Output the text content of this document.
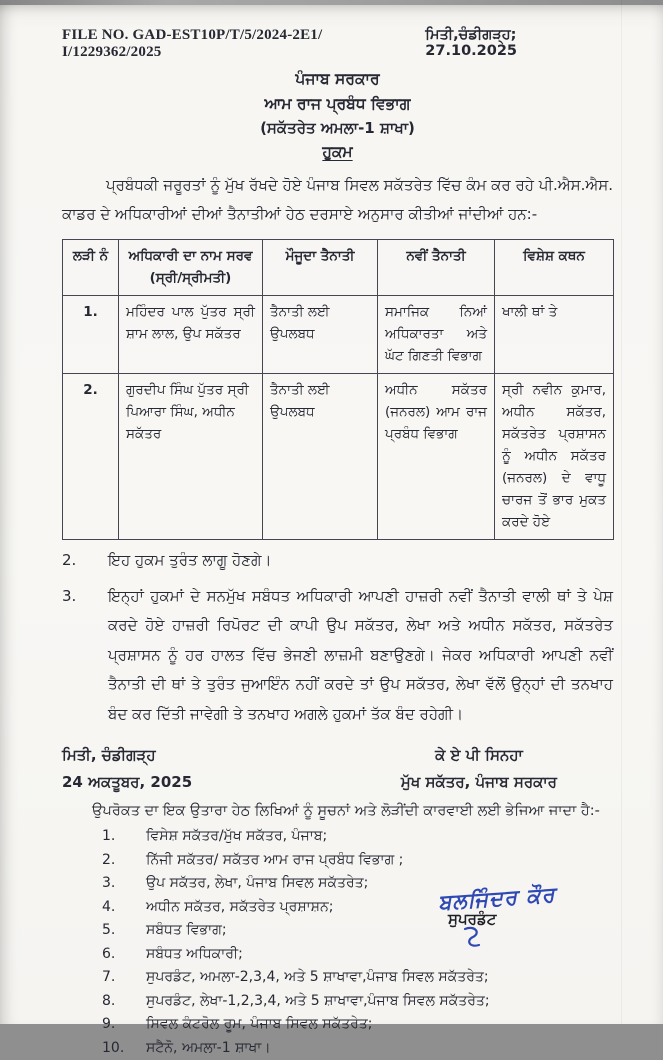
FILE NO. GAD-EST10P/T/5/2024-2E1/ I/1229362/2025
ਮਿਤੀ,ਚੰਡੀਗੜ੍ਹ; 27.10.2025
ਪੰਜਾਬ ਸਰਕਾਰ
ਆਮ ਰਾਜ ਪ੍ਰਬੰਧ ਵਿਭਾਗ
(ਸਕੱਤਰੇਤ ਅਮਲਾ-1 ਸ਼ਾਖਾ)
ਹੁਕਮ

ਪ੍ਰਬੰਧਕੀ ਜਰੂਰਤਾਂ ਨੂੰ ਮੁੱਖ ਰੱਖਦੇ ਹੋਏ ਪੰਜਾਬ ਸਿਵਲ ਸਕੱਤਰੇਤ ਵਿੱਚ ਕੰਮ ਕਰ ਰਹੇ ਪੀ.ਐਸ.ਐਸ. ਕਾਡਰ ਦੇ ਅਧਿਕਾਰੀਆਂ ਦੀਆਂ ਤੈਨਾਤੀਆਂ ਹੇਠ ਦਰਸਾਏ ਅਨੁਸਾਰ ਕੀਤੀਆਂ ਜਾਂਦੀਆਂ ਹਨ:-

ਲੜੀ ਨੰ	ਅਧਿਕਾਰੀ ਦਾ ਨਾਮ ਸਰਵ (ਸ੍ਰੀ/ਸ੍ਰੀਮਤੀ)	ਮੌਜੂਦਾ ਤੈਨਾਤੀ	ਨਵੀਂ ਤੈਨਾਤੀ	ਵਿਸ਼ੇਸ਼ ਕਥਨ
1.	ਮਹਿੰਦਰ ਪਾਲ ਪੁੱਤਰ ਸ੍ਰੀ ਸ਼ਾਮ ਲਾਲ, ਉਪ ਸਕੱਤਰ	ਤੈਨਾਤੀ ਲਈ ਉਪਲਬਧ	ਸਮਾਜਿਕ ਨਿਆਂ ਅਧਿਕਾਰਤਾ ਅਤੇ ਘੱਟ ਗਿਣਤੀ ਵਿਭਾਗ	ਖਾਲੀ ਥਾਂ ਤੇ
2.	ਗੁਰਦੀਪ ਸਿੰਘ ਪੁੱਤਰ ਸ੍ਰੀ ਪਿਆਰਾ ਸਿੰਘ, ਅਧੀਨ ਸਕੱਤਰ	ਤੈਨਾਤੀ ਲਈ ਉਪਲਬਧ	ਅਧੀਨ ਸਕੱਤਰ (ਜਨਰਲ) ਆਮ ਰਾਜ ਪ੍ਰਬੰਧ ਵਿਭਾਗ	ਸ੍ਰੀ ਨਵੀਨ ਕੁਮਾਰ, ਅਧੀਨ ਸਕੱਤਰ, ਸਕੱਤਰੇਤ ਪ੍ਰਸ਼ਾਸਨ ਨੂੰ ਅਧੀਨ ਸਕੱਤਰ (ਜਨਰਲ) ਦੇ ਵਾਧੂ ਚਾਰਜ ਤੋਂ ਭਾਰ ਮੁਕਤ ਕਰਦੇ ਹੋਏ
2.	ਇਹ ਹੁਕਮ ਤੁਰੰਤ ਲਾਗੂ ਹੋਣਗੇ।
3.	ਇਨ੍ਹਾਂ ਹੁਕਮਾਂ ਦੇ ਸਨਮੁੱਖ ਸਬੰਧਤ ਅਧਿਕਾਰੀ ਆਪਣੀ ਹਾਜ਼ਰੀ ਨਵੀਂ ਤੈਨਾਤੀ ਵਾਲੀ ਥਾਂ ਤੇ ਪੇਸ਼ ਕਰਦੇ ਹੋਏ ਹਾਜ਼ਰੀ ਰਿਪੋਰਟ ਦੀ ਕਾਪੀ ਉਪ ਸਕੱਤਰ, ਲੇਖਾ ਅਤੇ ਅਧੀਨ ਸਕੱਤਰ, ਸਕੱਤਰੇਤ ਪ੍ਰਸ਼ਾਸਨ ਨੂੰ ਹਰ ਹਾਲਤ ਵਿੱਚ ਭੇਜਣੀ ਲਾਜ਼ਮੀ ਬਣਾਉਣਗੇ। ਜੇਕਰ ਅਧਿਕਾਰੀ ਆਪਣੀ ਨਵੀਂ ਤੈਨਾਤੀ ਦੀ ਥਾਂ ਤੇ ਤੁਰੰਤ ਜੁਆਇੰਨ ਨਹੀਂ ਕਰਦੇ ਤਾਂ ਉਪ ਸਕੱਤਰ, ਲੇਖਾ ਵੱਲੋਂ ਉਨ੍ਹਾਂ ਦੀ ਤਨਖਾਹ ਬੰਦ ਕਰ ਦਿੱਤੀ ਜਾਵੇਗੀ ਤੇ ਤਨਖਾਹ ਅਗਲੇ ਹੁਕਮਾਂ ਤੱਕ ਬੰਦ ਰਹੇਗੀ।
ਮਿਤੀ, ਚੰਡੀਗੜ੍ਹ
24 ਅਕਤੂਬਰ, 2025
ਕੇ ਏ ਪੀ ਸਿਨਹਾ
ਮੁੱਖ ਸਕੱਤਰ, ਪੰਜਾਬ ਸਰਕਾਰ

ਉਪਰੋਕਤ ਦਾ ਇਕ ਉਤਾਰਾ ਹੇਠ ਲਿਖਿਆਂ ਨੂੰ ਸੂਚਨਾਂ ਅਤੇ ਲੋੜੀਂਦੀ ਕਾਰਵਾਈ ਲਈ ਭੇਜਿਆ ਜਾਦਾ ਹੈ:-

1.	ਵਿਸੇਸ਼ ਸਕੱਤਰ/ਮੁੱਖ ਸਕੱਤਰ, ਪੰਜਾਬ;
2.	ਨਿੱਜੀ ਸਕੱਤਰ/ ਸਕੱਤਰ ਆਮ ਰਾਜ ਪ੍ਰਬੰਧ ਵਿਭਾਗ ;
3.	ਉਪ ਸਕੱਤਰ, ਲੇਖਾ, ਪੰਜਾਬ ਸਿਵਲ ਸਕੱਤਰੇਤ;
4.	ਅਧੀਨ ਸਕੱਤਰ, ਸਕੱਤਰੇਤ ਪ੍ਰਸ਼ਾਸ਼ਨ;
5.	ਸਬੰਧਤ ਵਿਭਾਗ;
6.	ਸਬੰਧਤ ਅਧਿਕਾਰੀ;
7.	ਸੁਪਰਡੰਟ, ਅਮਲਾ-2,3,4, ਅਤੇ 5 ਸ਼ਾਖਾਵਾ,ਪੰਜਾਬ ਸਿਵਲ ਸਕੱਤਰੇਤ;
8.	ਸੁਪਰਡੰਟ, ਲੇਖਾ-1,2,3,4, ਅਤੇ 5 ਸ਼ਾਖਾਵਾ,ਪੰਜਾਬ ਸਿਵਲ ਸਕੱਤਰੇਤ;
9.	ਸਿਵਲ ਕੰਟਰੋਲ ਰੂਮ, ਪੰਜਾਬ ਸਿਵਲ ਸਕੱਤਰੇਤ;
10.	ਸਟੈਨੋ, ਅਮਲਾ-1 ਸ਼ਾਖਾ।
ਬਲਜਿੰਦਰ ਕੌਰ
ਸੁਪਰਡੰਟ
